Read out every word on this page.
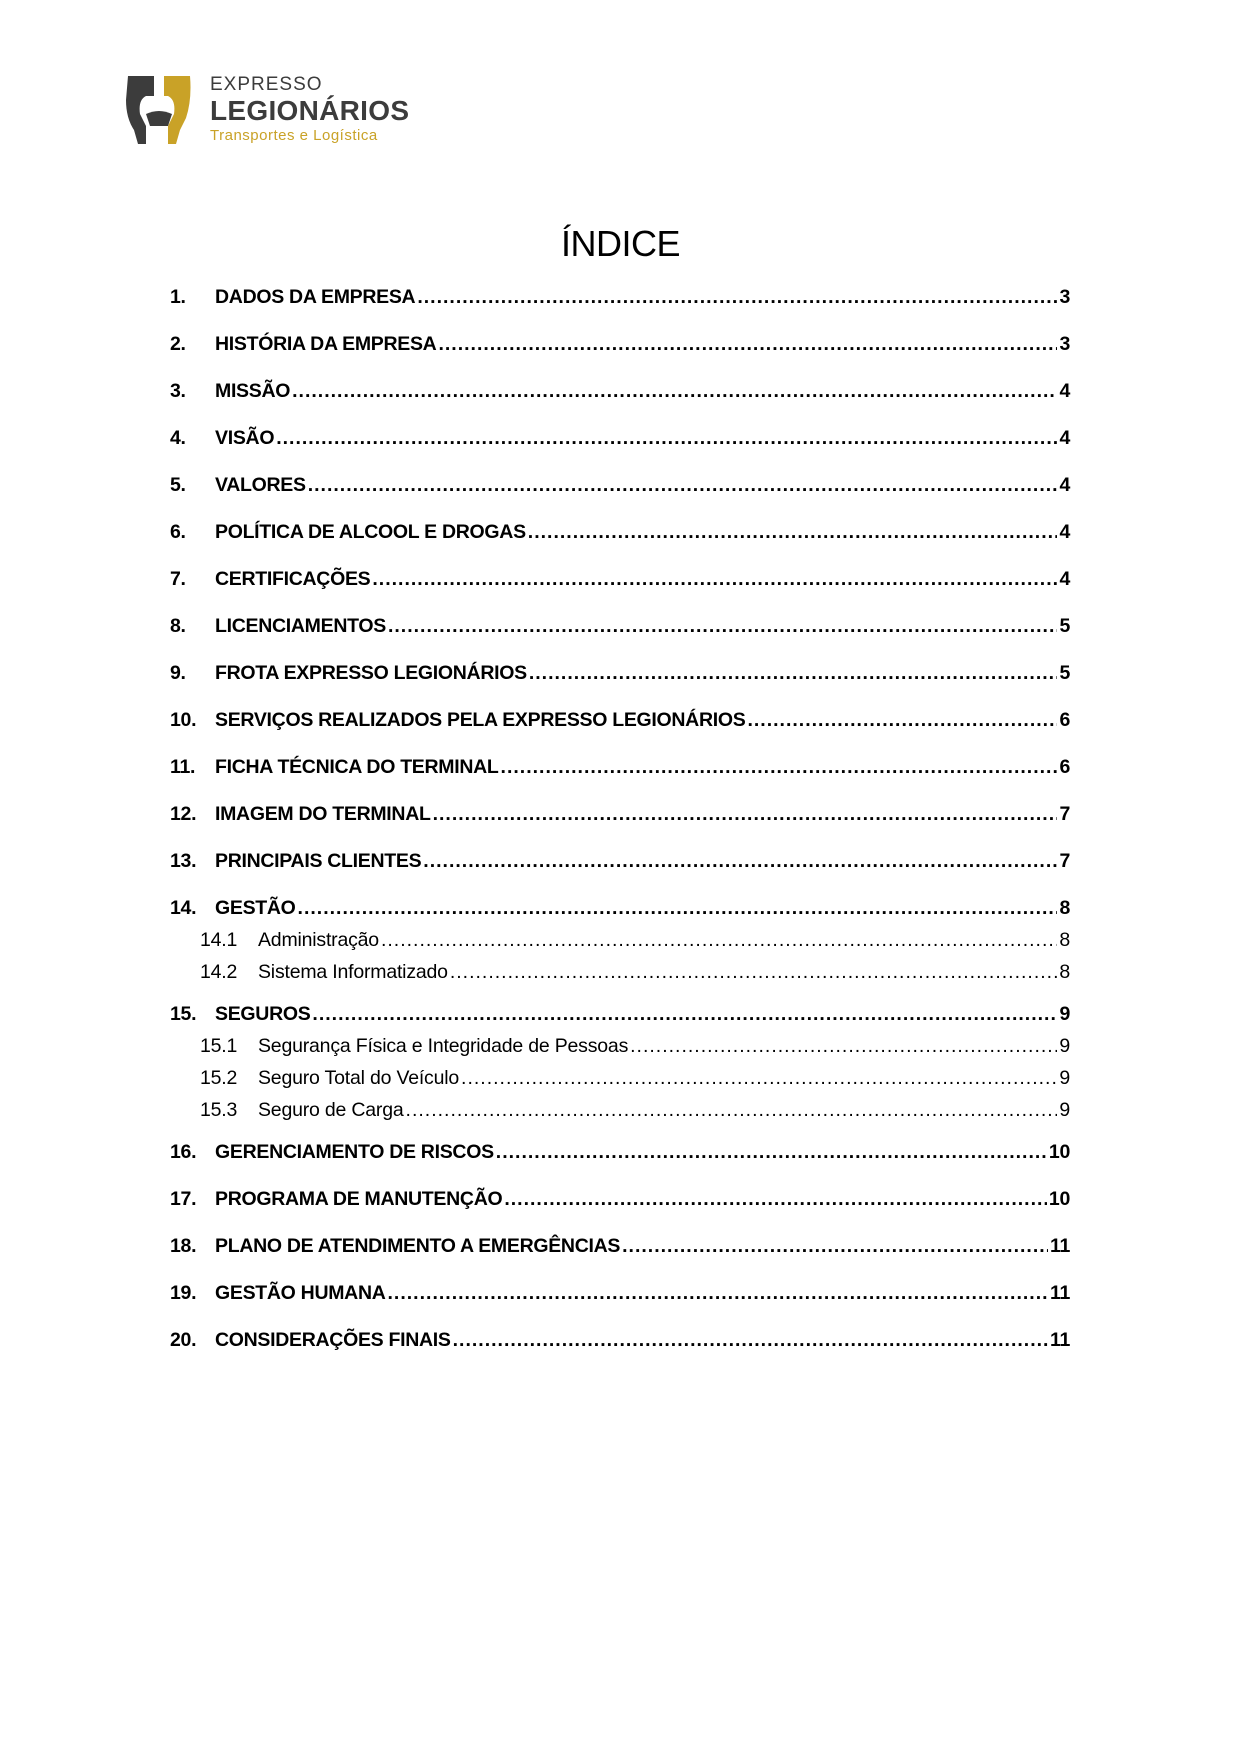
EXPRESSO
LEGIONÁRIOS
Transportes e Logística
ÍNDICE
1.	DADOS DA EMPRESA .....	3
2.	HISTÓRIA DA EMPRESA .....	3
3.	MISSÃO .....	4
4.	VISÃO .....	4
5.	VALORES .....	4
6.	POLÍTICA DE ALCOOL E DROGAS .....	4
7.	CERTIFICAÇÕES .....	4
8.	LICENCIAMENTOS .....	5
9.	FROTA EXPRESSO LEGIONÁRIOS .....	5
10. SERVIÇOS REALIZADOS PELA EXPRESSO LEGIONÁRIOS .....	6
11.	FICHA TÉCNICA DO TERMINAL .....	6
12. IMAGEM DO TERMINAL .....	7
13. PRINCIPAIS CLIENTES .....	7
14. GESTÃO .....	8
14.1	Administração .....	8
14.2	Sistema Informatizado .....	8
15. SEGUROS .....	9
15.1	Segurança Física e Integridade de Pessoas .....	9
15.2	Seguro Total do Veículo .....	9
15.3	Seguro de Carga .....	9
16. GERENCIAMENTO DE RISCOS .....	10
17. PROGRAMA DE MANUTENÇÃO .....	10
18. PLANO DE ATENDIMENTO A EMERGÊNCIAS .....	11
19. GESTÃO HUMANA .....	11
20. CONSIDERAÇÕES FINAIS .....	11
